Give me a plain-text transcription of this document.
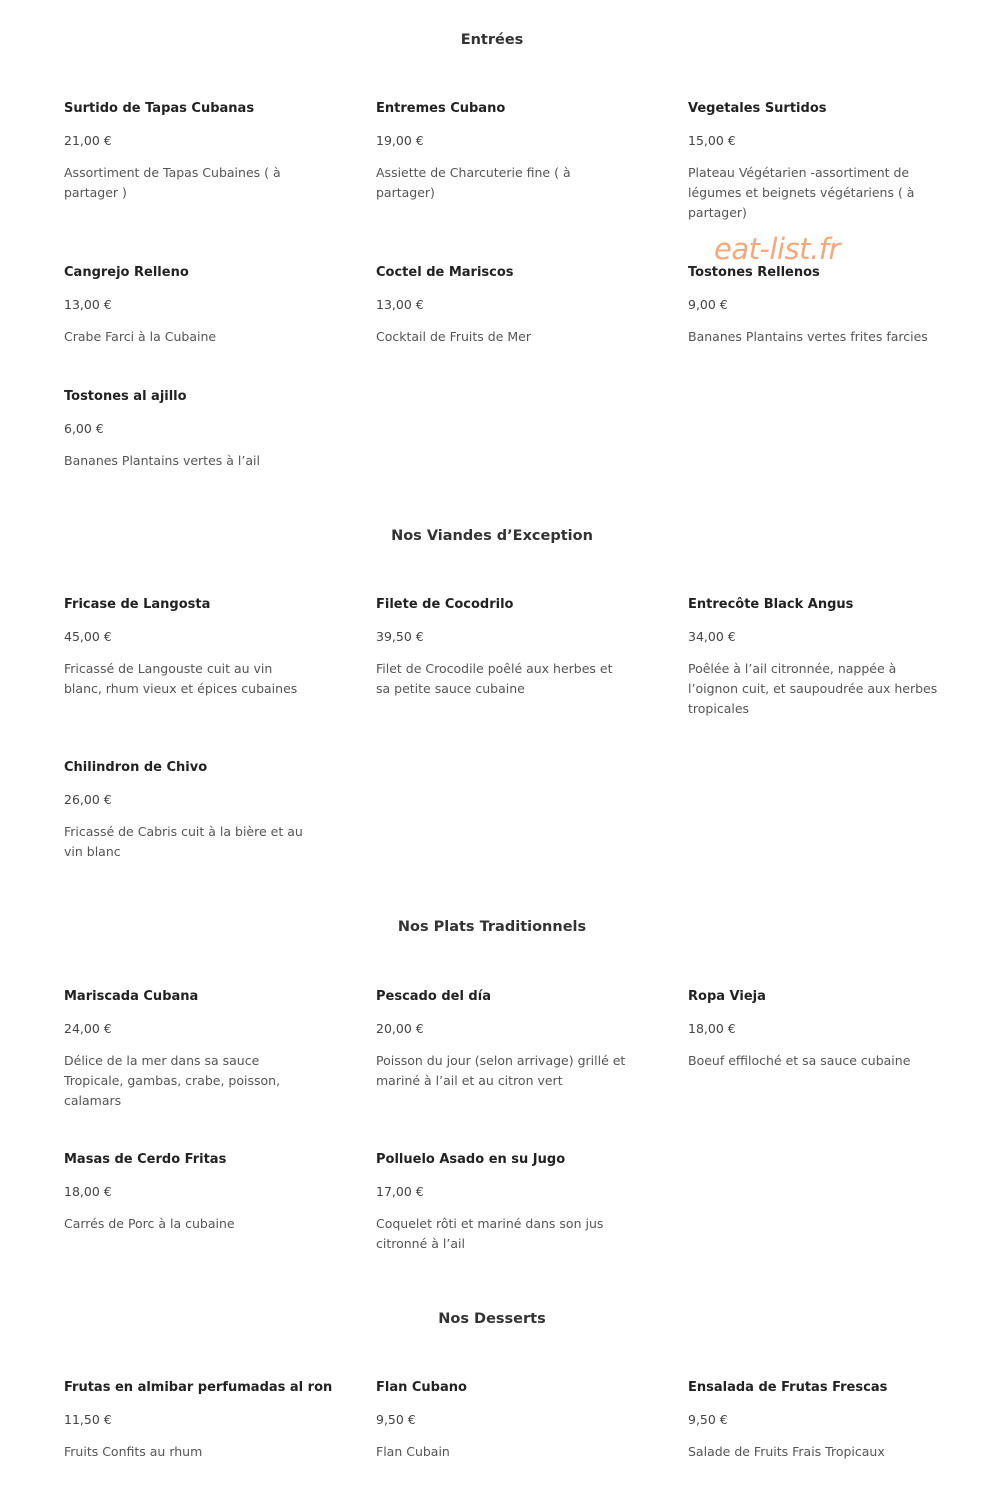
Entrées

Surtido de Tapas Cubanas

21,00 €

Assortiment de Tapas Cubaines ( à partager )

Entremes Cubano

19,00 €

Assiette de Charcuterie fine ( à partager)

Vegetales Surtidos

15,00 €

Plateau Végétarien -assortiment de légumes et beignets végétariens ( à partager)

eat-list.fr

Cangrejo Relleno

13,00 €

Crabe Farci à la Cubaine

Coctel de Mariscos

13,00 €

Cocktail de Fruits de Mer

Tostones Rellenos

9,00 €

Bananes Plantains vertes frites farcies

Tostones al ajillo

6,00 €

Bananes Plantains vertes à l’ail

Nos Viandes d’Exception

Fricase de Langosta

45,00 €

Fricassé de Langouste cuit au vin blanc, rhum vieux et épices cubaines

Filete de Cocodrilo

39,50 €

Filet de Crocodile poêlé aux herbes et sa petite sauce cubaine

Entrecôte Black Angus

34,00 €

Poêlée à l’ail citronnée, nappée à l’oignon cuit, et saupoudrée aux herbes tropicales

Chilindron de Chivo

26,00 €

Fricassé de Cabris cuit à la bière et au vin blanc

Nos Plats Traditionnels

Mariscada Cubana

24,00 €

Délice de la mer dans sa sauce Tropicale, gambas, crabe, poisson, calamars

Pescado del día

20,00 €

Poisson du jour (selon arrivage) grillé et mariné à l’ail et au citron vert

Ropa Vieja

18,00 €

Boeuf effiloché et sa sauce cubaine

Masas de Cerdo Fritas

18,00 €

Carrés de Porc à la cubaine

Polluelo Asado en su Jugo

17,00 €

Coquelet rôti et mariné dans son jus citronné à l’ail

Nos Desserts

Frutas en almibar perfumadas al ron

11,50 €

Fruits Confits au rhum

Flan Cubano

9,50 €

Flan Cubain

Ensalada de Frutas Frescas

9,50 €

Salade de Fruits Frais Tropicaux
